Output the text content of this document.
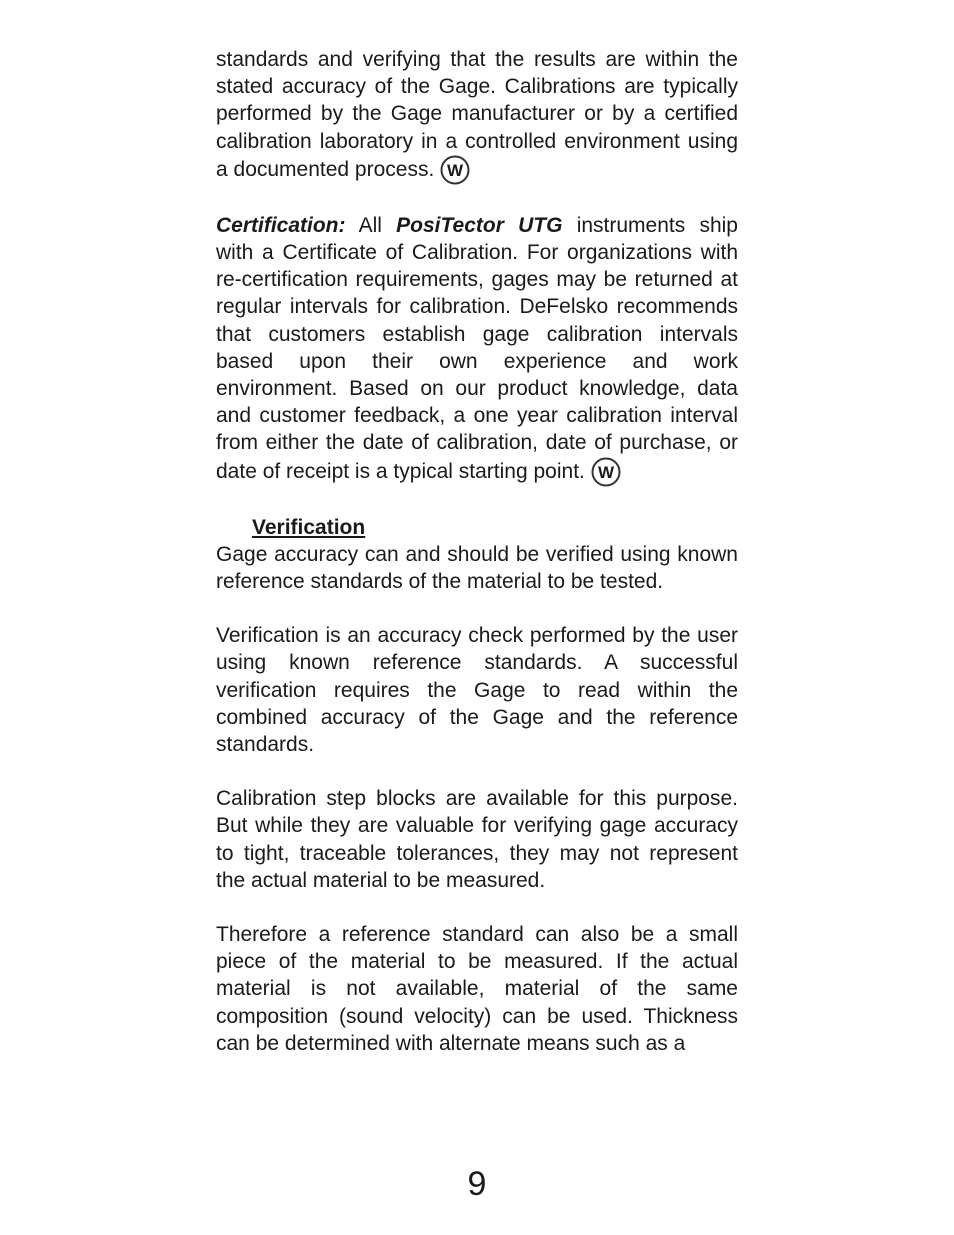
standards and verifying that the results are within the stated accuracy of the Gage. Calibrations are typically performed by the Gage manufacturer or by a certified calibration laboratory in a controlled environment using a documented process. W

Certification: All PosiTector UTG instruments ship with a Certificate of Calibration. For organizations with re-certification requirements, gages may be returned at regular intervals for calibration. DeFelsko recommends that customers establish gage calibration intervals based upon their own experience and work environment. Based on our product knowledge, data and customer feedback, a one year calibration interval from either the date of calibration, date of purchase, or date of receipt is a typical starting point. W

Verification

Gage accuracy can and should be verified using known reference standards of the material to be tested.

Verification is an accuracy check performed by the user using known reference standards. A successful verification requires the Gage to read within the combined accuracy of the Gage and the reference standards.

Calibration step blocks are available for this purpose. But while they are valuable for verifying gage accuracy to tight, traceable tolerances, they may not represent the actual material to be measured.

Therefore a reference standard can also be a small piece of the material to be measured. If the actual material is not available, material of the same composition (sound velocity) can be used. Thickness can be determined with alternate means such as a

9
